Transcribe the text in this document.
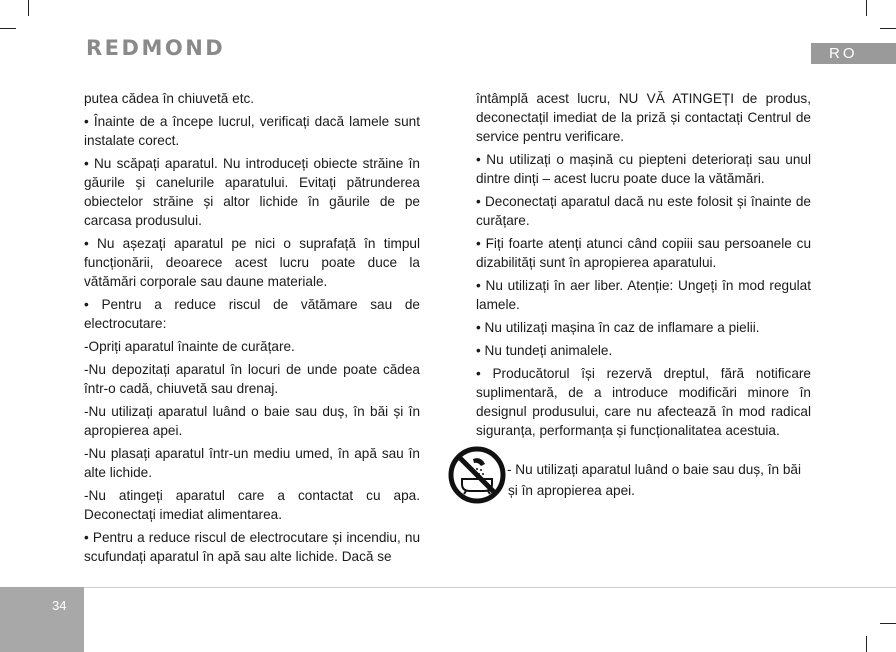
REDMOND	RO

putea cădea în chiuvetă etc.

• Înainte de a începe lucrul, verificați dacă lamele sunt instalate corect.

• Nu scăpați aparatul. Nu introduceți obiecte străine în găurile și canelurile aparatului. Evitați pătrunderea obiectelor străine și altor lichide în găurile de pe carcasa produsului.

• Nu așezați aparatul pe nici o suprafață în timpul funcționării, deoarece acest lucru poate duce la vătămări corporale sau daune materiale.

• Pentru a reduce riscul de vătămare sau de electrocutare:

-Opriți aparatul înainte de curățare.

-Nu depozitați aparatul în locuri de unde poate cădea într-o cadă, chiuvetă sau drenaj.

-Nu utilizați aparatul luând o baie sau duș, în băi și în apropierea apei.

-Nu plasați aparatul într-un mediu umed, în apă sau în alte lichide.

-Nu atingeți aparatul care a contactat cu apa. Deconectați imediat alimentarea.

• Pentru a reduce riscul de electrocutare și incendiu, nu scufundați aparatul în apă sau alte lichide. Dacă se

întâmplă acest lucru, NU VĂ ATINGEȚI de produs, deconectațil imediat de la priză și contactați Centrul de service pentru verificare.

• Nu utilizați o mașină cu piepteni deteriorați sau unul dintre dinți – acest lucru poate duce la vătămări.

• Deconectați aparatul dacă nu este folosit și înainte de curățare.

• Fiți foarte atenți atunci când copiii sau persoanele cu dizabilități sunt în apropierea aparatului.

• Nu utilizați în aer liber. Atenție: Ungeți în mod regulat lamele.

• Nu utilizați mașina în caz de inflamare a pielii.

• Nu tundeți animalele.

• Producătorul își rezervă dreptul, fără notificare suplimentară, de a introduce modificări minore în designul produsului, care nu afectează în mod radical siguranța, performanța și funcționalitatea acestuia.

- Nu utilizați aparatul luând o baie sau duș, în băi
și în apropierea apei.
34
